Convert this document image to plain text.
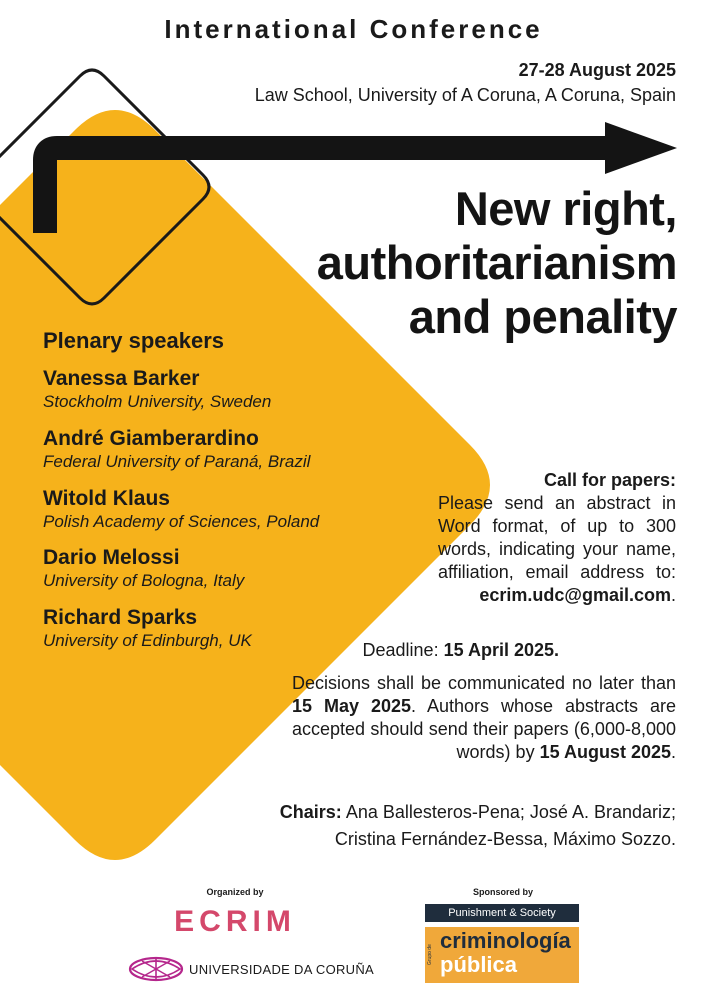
International Conference
27-28 August 2025
Law School, University of A Coruna, A Coruna, Spain
New right,
authoritarianism
and penality
Plenary speakers
Vanessa Barker
Stockholm University, Sweden
André Giamberardino
Federal University of Paraná, Brazil
Witold Klaus
Polish Academy of Sciences, Poland
Dario Melossi
University of Bologna, Italy
Richard Sparks
University of Edinburgh, UK
Call for papers:
Please send an abstract in Word format, of up to 300 words, indicating your name, affiliation, email address to: ecrim.udc@gmail.com.
Deadline: 15 April 2025.
Decisions shall be communicated no later than 15 May 2025. Authors whose abstracts are accepted should send their papers (6,000-8,000 words) by 15 August 2025.
Chairs: Ana Ballesteros-Pena; José A. Brandariz;
Cristina Fernández-Bessa, Máximo Sozzo.
Organized by
ECRIM
UNIVERSIDADE DA CORUÑA
Sponsored by
Punishment & Society
Grupo de
criminología
pública
